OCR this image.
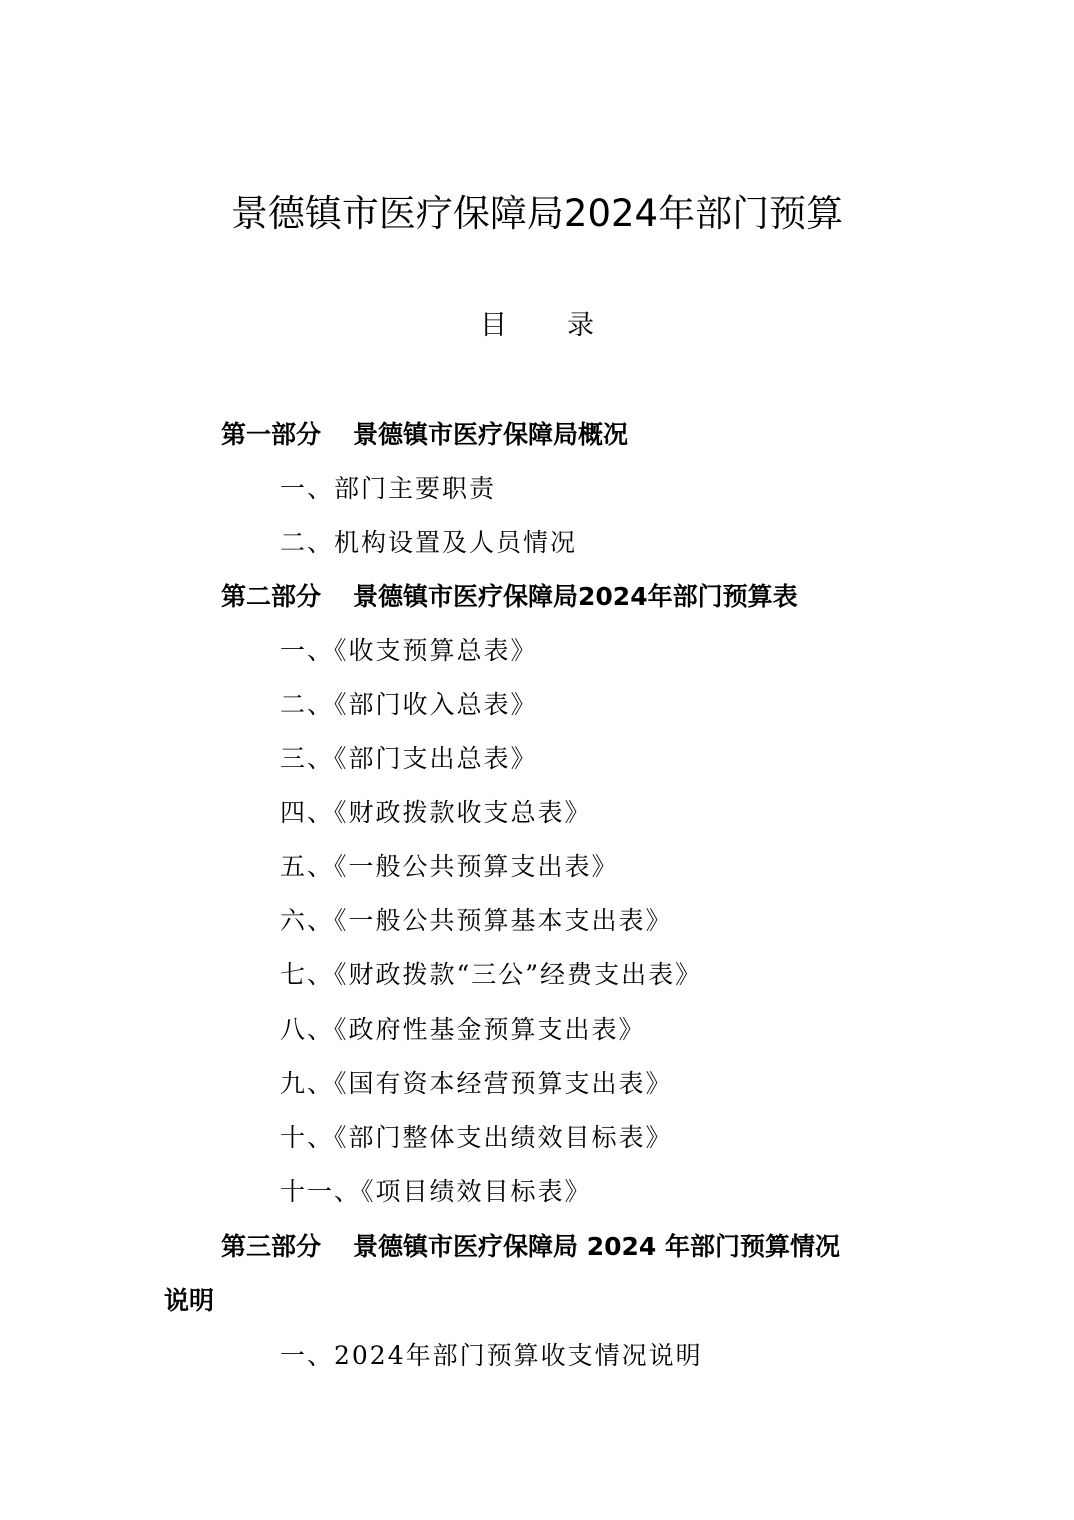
景德镇市医疗保障局2024年部门预算
目录
第一部分 景德镇市医疗保障局概况
一、部门主要职责
二、机构设置及人员情况
第二部分 景德镇市医疗保障局2024年部门预算表
一、《收支预算总表》
二、《部门收入总表》
三、《部门支出总表》
四、《财政拨款收支总表》
五、《一般公共预算支出表》
六、《一般公共预算基本支出表》
七、《财政拨款“三公”经费支出表》
八、《政府性基金预算支出表》
九、《国有资本经营预算支出表》
十、《部门整体支出绩效目标表》
十一、《项目绩效目标表》
第三部分 景德镇市医疗保障局 2024 年部门预算情况
说明
一、2024年部门预算收支情况说明
